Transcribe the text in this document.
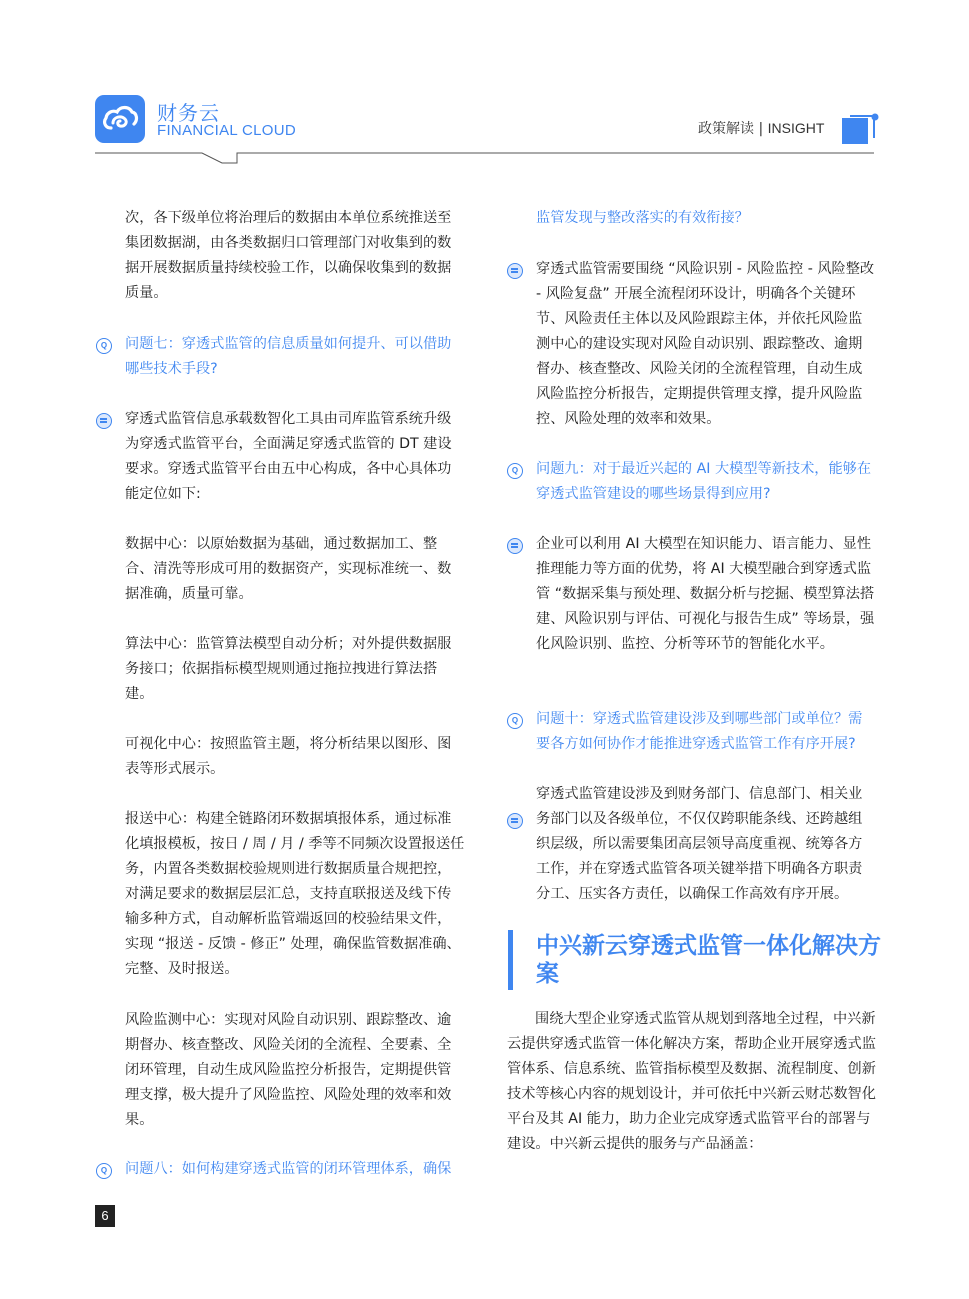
财务云
FINANCIAL CLOUD	政策解读 | INSIGHT

次，各下级单位将治理后的数据由本单位系统推送至集团数据湖，由各类数据归口管理部门对收集到的数据开展数据质量持续校验工作，以确保收集到的数据质量。

Q 问题七：穿透式监管的信息质量如何提升、可以借助哪些技术手段?

穿透式监管信息承载数智化工具由司库监管系统升级为穿透式监管平台，全面满足穿透式监管的 DT 建设要求。穿透式监管平台由五中心构成，各中心具体功能定位如下:

数据中心：以原始数据为基础，通过数据加工、整合、清洗等形成可用的数据资产，实现标准统一、数据准确，质量可靠。

算法中心：监管算法模型自动分析；对外提供数据服务接口；依据指标模型规则通过拖拉拽进行算法搭建。

可视化中心：按照监管主题，将分析结果以图形、图表等形式展示。

报送中心：构建全链路闭环数据填报体系，通过标准化填报模板，按日 / 周 / 月 / 季等不同频次设置报送任务，内置各类数据校验规则进行数据质量合规把控，对满足要求的数据层层汇总，支持直联报送及线下传输多种方式，自动解析监管端返回的校验结果文件，实现 “报送 - 反馈 - 修正” 处理，确保监管数据准确、完整、及时报送。

风险监测中心：实现对风险自动识别、跟踪整改、逾期督办、核查整改、风险关闭的全流程、全要素、全闭环管理，自动生成风险监控分析报告，定期提供管理支撑，极大提升了风险监控、风险处理的效率和效果。

Q 问题八：如何构建穿透式监管的闭环管理体系，确保

监管发现与整改落实的有效衔接？

穿透式监管需要围绕 “风险识别 - 风险监控 - 风险整改 - 风险复盘” 开展全流程闭环设计，明确各个关键环节、风险责任主体以及风险跟踪主体，并依托风险监测中心的建设实现对风险自动识别、跟踪整改、逾期督办、核查整改、风险关闭的全流程管理，自动生成风险监控分析报告，定期提供管理支撑，提升风险监控、风险处理的效率和效果。

Q 问题九：对于最近兴起的 AI 大模型等新技术，能够在穿透式监管建设的哪些场景得到应用?

企业可以利用 AI 大模型在知识能力、语言能力、显性推理能力等方面的优势，将 AI 大模型融合到穿透式监管 “数据采集与预处理、数据分析与挖掘、模型算法搭建、风险识别与评估、可视化与报告生成” 等场景，强化风险识别、监控、分析等环节的智能化水平。

Q 问题十：穿透式监管建设涉及到哪些部门或单位？需要各方如何协作才能推进穿透式监管工作有序开展?

穿透式监管建设涉及到财务部门、信息部门、相关业务部门以及各级单位，不仅仅跨职能条线、还跨越组织层级，所以需要集团高层领导高度重视、统筹各方工作，并在穿透式监管各项关键举措下明确各方职责分工、压实各方责任，以确保工作高效有序开展。

中兴新云穿透式监管一体化解决方案

围绕大型企业穿透式监管从规划到落地全过程，中兴新云提供穿透式监管一体化解决方案，帮助企业开展穿透式监管体系、信息系统、监管指标模型及数据、流程制度、创新技术等核心内容的规划设计，并可依托中兴新云财芯数智化平台及其 AI 能力，助力企业完成穿透式监管平台的部署与建设。中兴新云提供的服务与产品涵盖：

6
